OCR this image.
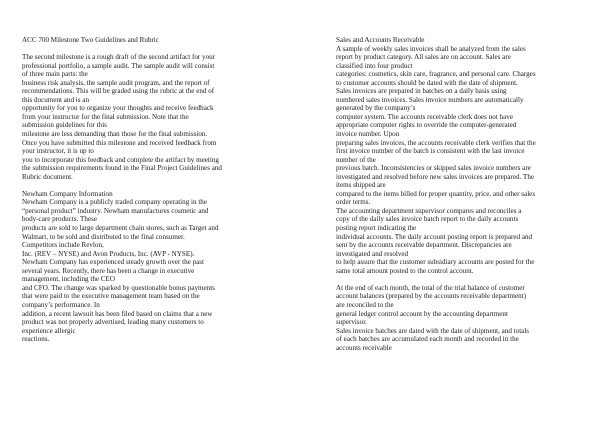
ACC 700 Milestone Two Guidelines and Rubric
The second milestone is a rough draft of the second artifact for your
professional portfolio, a sample audit. The sample audit will consist
of three main parts: the
business risk analysis, the sample audit program, and the report of
recommendations. This will be graded using the rubric at the end of
this document and is an
opportunity for you to organize your thoughts and receive feedback
from your instructor for the final submission. Note that the
submission guidelines for this
milestone are less demanding than those for the final submission.
Once you have submitted this milestone and received feedback from
your instructor, it is up to
you to incorporate this feedback and complete the artifact by meeting
the submission requirements found in the Final Project Guidelines and
Rubric document.
Newham Company Information
Newham Company is a publicly traded company operating in the
“personal product” industry. Newham manufactures cosmetic and
body-care products. These
products are sold to large department chain stores, such as Target and
Walmart, to be sold and distributed to the final consumer.
Competitors include Revlon,
Inc. (REV – NYSE) and Avon Products, Inc. (AVP - NYSE).
Newham Company has experienced steady growth over the past
several years. Recently, there has been a change in executive
management, including the CEO
and CFO. The change was sparked by questionable bonus payments
that were paid to the executive management team based on the
company’s performance. In
addition, a recent lawsuit has been filed based on claims that a new
product was not properly advertised, leading many customers to
experience allergic
reactions.
Sales and Accounts Receivable
A sample of weekly sales invoices shall be analyzed from the sales
report by product category. All sales are on account. Sales are
classified into four product
categories: cosmetics, skin care, fragrance, and personal care. Charges
to customer accounts should be dated with the date of shipment.
Sales invoices are prepared in batches on a daily basis using
numbered sales invoices. Sales invoice numbers are automatically
generated by the company’s
computer system. The accounts receivable clerk does not have
appropriate computer rights to override the computer-generated
invoice number. Upon
preparing sales invoices, the accounts receivable clerk verifies that the
first invoice number of the batch is consistent with the last invoice
number of the
previous batch. Inconsistencies or skipped sales invoice numbers are
investigated and resolved before new sales invoices are prepared. The
items shipped are
compared to the items billed for proper quantity, price, and other sales
order terms.
The accounting department supervisor compares and reconciles a
copy of the daily sales invoice batch report to the daily accounts
posting report indicating the
individual accounts. The daily account posting report is prepared and
sent by the accounts receivable department. Discrepancies are
investigated and resolved
to help assure that the customer subsidiary accounts are posted for the
same total amount posted to the control account.
At the end of each month, the total of the trial balance of customer
account balances (prepared by the accounts receivable department)
are reconciled to the
general ledger control account by the accounting department
supervisor.
Sales invoice batches are dated with the date of shipment, and totals
of each batches are accumulated each month and recorded in the
accounts receivable
